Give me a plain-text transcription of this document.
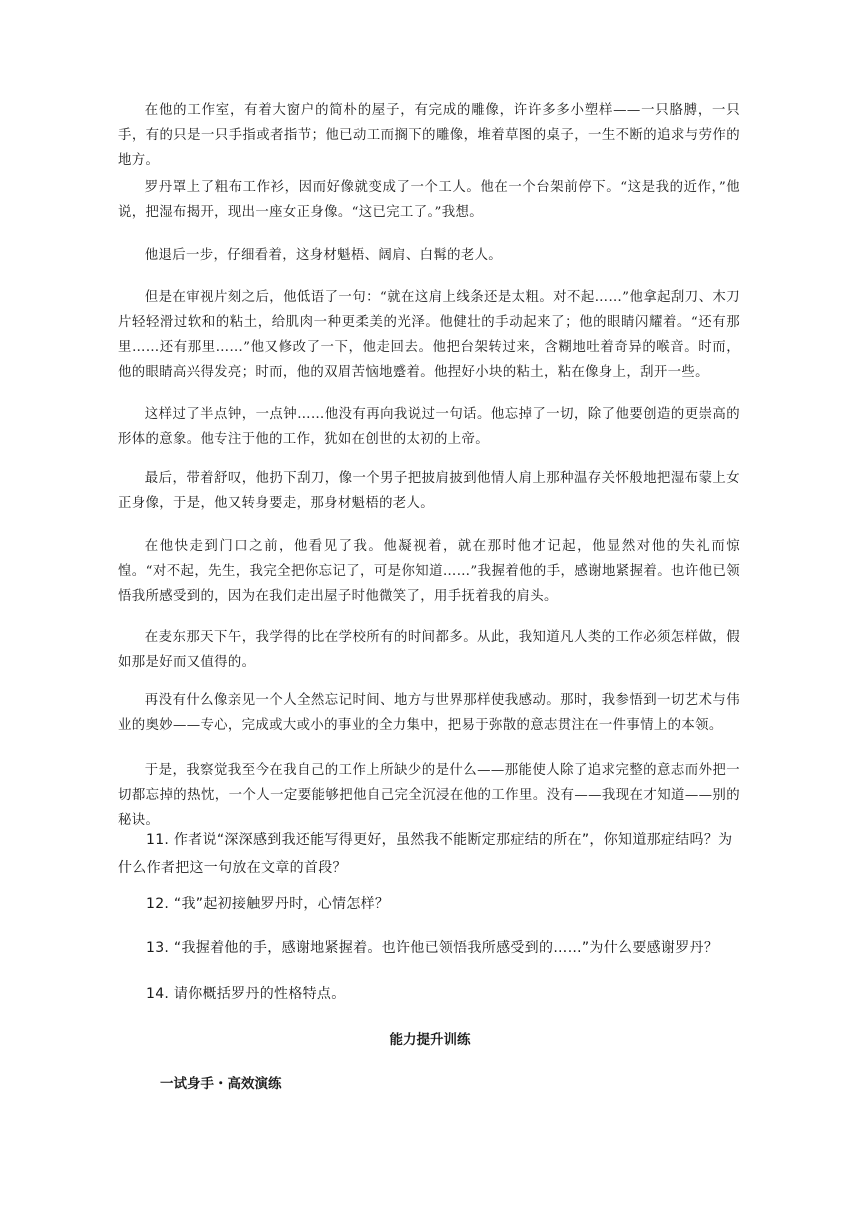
在他的工作室，有着大窗户的简朴的屋子，有完成的雕像，许许多多小塑样——一只胳膊，一只手，有的只是一只手指或者指节；他已动工而搁下的雕像，堆着草图的桌子，一生不断的追求与劳作的地方。

罗丹罩上了粗布工作衫，因而好像就变成了一个工人。他在一个台架前停下。“这是我的近作，”他说，把湿布揭开，现出一座女正身像。“这已完工了。”我想。

他退后一步，仔细看着，这身材魁梧、阔肩、白髯的老人。

但是在审视片刻之后，他低语了一句：“就在这肩上线条还是太粗。对不起……”他拿起刮刀、木刀片轻轻滑过软和的粘土，给肌肉一种更柔美的光泽。他健壮的手动起来了；他的眼睛闪耀着。“还有那里……还有那里……”他又修改了一下，他走回去。他把台架转过来，含糊地吐着奇异的喉音。时而，他的眼睛高兴得发亮；时而，他的双眉苦恼地蹙着。他捏好小块的粘土，粘在像身上，刮开一些。

这样过了半点钟，一点钟……他没有再向我说过一句话。他忘掉了一切，除了他要创造的更崇高的形体的意象。他专注于他的工作，犹如在创世的太初的上帝。

最后，带着舒叹，他扔下刮刀，像一个男子把披肩披到他情人肩上那种温存关怀般地把湿布蒙上女正身像，于是，他又转身要走，那身材魁梧的老人。

在他快走到门口之前，他看见了我。他凝视着，就在那时他才记起，他显然对他的失礼而惊惶。“对不起，先生，我完全把你忘记了，可是你知道……”我握着他的手，感谢地紧握着。也许他已领悟我所感受到的，因为在我们走出屋子时他微笑了，用手抚着我的肩头。

在麦东那天下午，我学得的比在学校所有的时间都多。从此，我知道凡人类的工作必须怎样做，假如那是好而又值得的。

再没有什么像亲见一个人全然忘记时间、地方与世界那样使我感动。那时，我参悟到一切艺术与伟业的奥妙——专心，完成或大或小的事业的全力集中，把易于弥散的意志贯注在一件事情上的本领。

于是，我察觉我至今在我自己的工作上所缺少的是什么——那能使人除了追求完整的意志而外把一切都忘掉的热忱，一个人一定要能够把他自己完全沉浸在他的工作里。没有——我现在才知道——别的秘诀。

11. 作者说“深深感到我还能写得更好，虽然我不能断定那症结的所在”，你知道那症结吗？为什么作者把这一句放在文章的首段？

12. “我”起初接触罗丹时，心情怎样？

13. “我握着他的手，感谢地紧握着。也许他已领悟我所感受到的……”为什么要感谢罗丹？

14. 请你概括罗丹的性格特点。

能力提升训练
一试身手・高效演练
